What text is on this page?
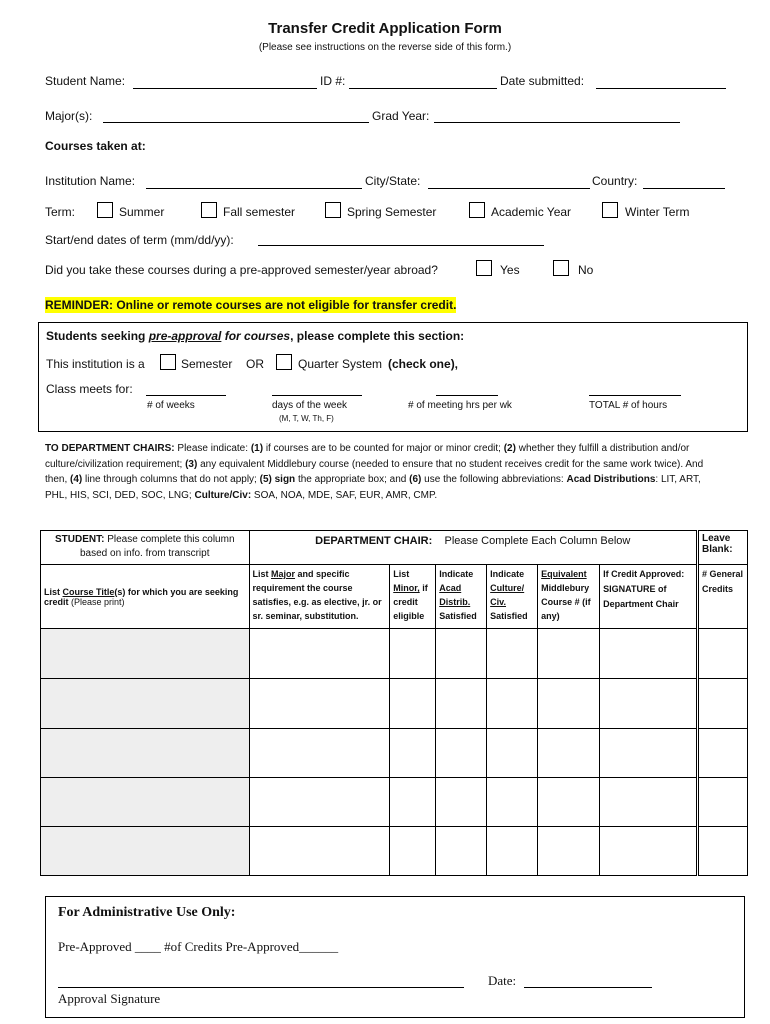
Transfer Credit Application Form
(Please see instructions on the reverse side of this form.)
Student Name:	ID #:	Date submitted:
Major(s):	Grad Year:
Courses taken at:
Institution Name:	City/State:	Country:
Term:	Summer	Fall semester	Spring Semester	Academic Year	Winter Term
Start/end dates of term (mm/dd/yy):
Did you take these courses during a pre-approved semester/year abroad?	Yes	No
REMINDER: Online or remote courses are not eligible for transfer credit.
Students seeking pre-approval for courses, please complete this section:
This institution is a	Semester OR	Quarter System (check one),
Class meets for:
# of weeks	days of the week
(M, T, W, Th, F)
# of meeting hrs per wk	TOTAL # of hours
TO DEPARTMENT CHAIRS: Please indicate: (1) if courses are to be counted for major or minor credit; (2) whether they fulfill a distribution and/or culture/civilization requirement; (3) any equivalent Middlebury course (needed to ensure that no student receives credit for the same work twice). And then, (4) line through columns that do not apply; (5) sign the appropriate box; and (6) use the following abbreviations: Acad Distributions: LIT, ART, PHL, HIS, SCI, DED, SOC, LNG; Culture/Civ: SOA, NOA, MDE, SAF, EUR, AMR, CMP.
STUDENT: Please complete this column based on info. from transcript	DEPARTMENT CHAIR: Please Complete Each Column Below						Leave Blank:
List Course Title(s) for which you are seeking credit (Please print)	List Major and specific requirement the course satisfies, e.g. as elective, jr. or sr. seminar, substitution.	List Minor, if credit eligible	Indicate Acad Distrib. Satisfied	Indicate Culture/ Civ. Satisfied	Equivalent Middlebury Course # (if any)	If Credit Approved: SIGNATURE of Department Chair	# General Credits

For Administrative Use Only:
Pre-Approved ____ #of Credits Pre-Approved______
Date:
Approval Signature
